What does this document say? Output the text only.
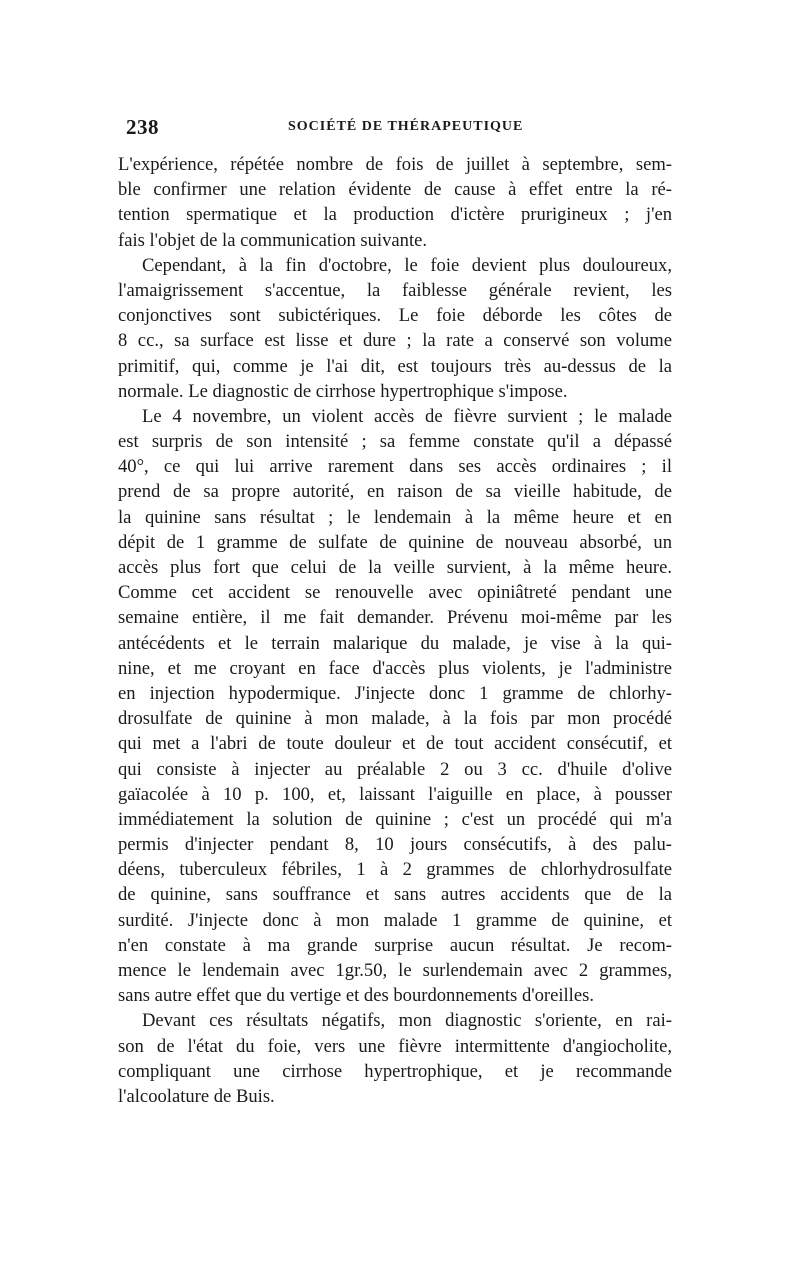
238	SOCIÉTÉ DE THÉRAPEUTIQUE
L'expérience, répétée nombre de fois de juillet à septembre, sem-
ble confirmer une relation évidente de cause à effet entre la ré-
tention spermatique et la production d'ictère prurigineux ; j'en
fais l'objet de la communication suivante.
Cependant, à la fin d'octobre, le foie devient plus douloureux,
l'amaigrissement s'accentue, la faiblesse générale revient, les
conjonctives sont subictériques. Le foie déborde les côtes de
8 cc., sa surface est lisse et dure ; la rate a conservé son volume
primitif, qui, comme je l'ai dit, est toujours très au-dessus de la
normale. Le diagnostic de cirrhose hypertrophique s'impose.
Le 4 novembre, un violent accès de fièvre survient ; le malade
est surpris de son intensité ; sa femme constate qu'il a dépassé
40°, ce qui lui arrive rarement dans ses accès ordinaires ; il
prend de sa propre autorité, en raison de sa vieille habitude, de
la quinine sans résultat ; le lendemain à la même heure et en
dépit de 1 gramme de sulfate de quinine de nouveau absorbé, un
accès plus fort que celui de la veille survient, à la même heure.
Comme cet accident se renouvelle avec opiniâtreté pendant une
semaine entière, il me fait demander. Prévenu moi-même par les
antécédents et le terrain malarique du malade, je vise à la qui-
nine, et me croyant en face d'accès plus violents, je l'administre
en injection hypodermique. J'injecte donc 1 gramme de chlorhy-
drosulfate de quinine à mon malade, à la fois par mon procédé
qui met a l'abri de toute douleur et de tout accident consécutif, et
qui consiste à injecter au préalable 2 ou 3 cc. d'huile d'olive
gaïacolée à 10 p. 100, et, laissant l'aiguille en place, à pousser
immédiatement la solution de quinine ; c'est un procédé qui m'a
permis d'injecter pendant 8, 10 jours consécutifs, à des palu-
déens, tuberculeux fébriles, 1 à 2 grammes de chlorhydrosulfate
de quinine, sans souffrance et sans autres accidents que de la
surdité. J'injecte donc à mon malade 1 gramme de quinine, et
n'en constate à ma grande surprise aucun résultat. Je recom-
mence le lendemain avec 1gr.50, le surlendemain avec 2 grammes,
sans autre effet que du vertige et des bourdonnements d'oreilles.
Devant ces résultats négatifs, mon diagnostic s'oriente, en rai-
son de l'état du foie, vers une fièvre intermittente d'angiocholite,
compliquant une cirrhose hypertrophique, et je recommande
l'alcoolature de Buis.
